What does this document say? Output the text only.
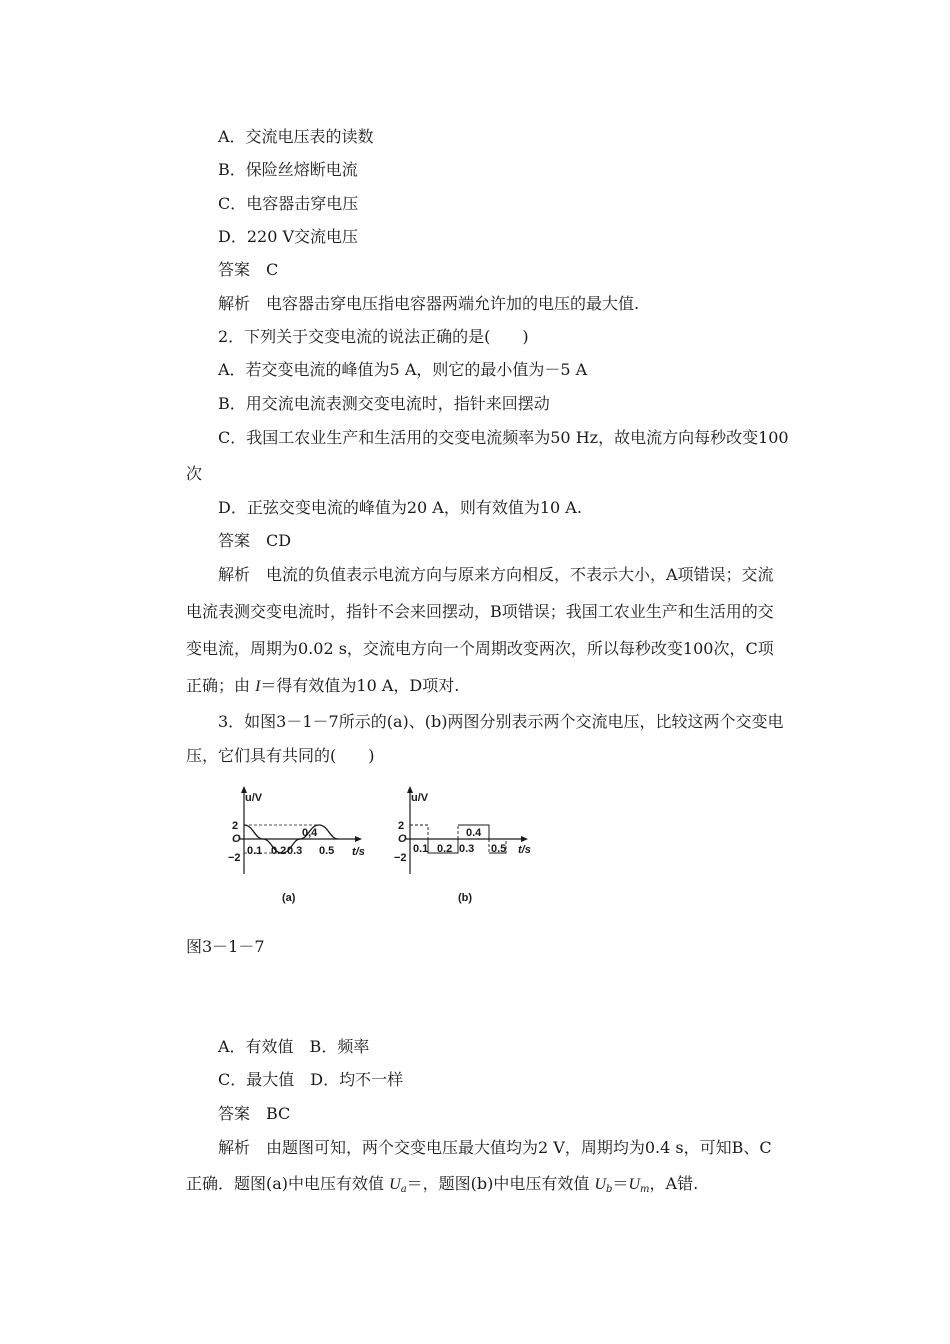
A．交流电压表的读数
B．保险丝熔断电流
C．电容器击穿电压
D．220 V交流电压
答案　C
解析　电容器击穿电压指电容器两端允许加的电压的最大值.
2．下列关于交变电流的说法正确的是(　　)
A．若交变电流的峰值为5 A，则它的最小值为－5 A
B．用交流电流表测交变电流时，指针来回摆动
C．我国工农业生产和生活用的交变电流频率为50 Hz，故电流方向每秒改变100
次
D．正弦交变电流的峰值为20 A，则有效值为10 A.
答案　CD
解析　电流的负值表示电流方向与原来方向相反，不表示大小，A项错误；交流
电流表测交变电流时，指针不会来回摆动，B项错误；我国工农业生产和生活用的交
变电流，周期为0.02 s，交流电方向一个周期改变两次，所以每秒改变100次，C项
正确；由 I＝得有效值为10 A，D项对.
3．如图3－1－7所示的(a)、(b)两图分别表示两个交流电压，比较这两个交变电
压，它们具有共同的(　　)
u/V
2
O
−2
0.1 0.2 0.3
0,4
0.5 t/s
(a)
u/V
2
O
−2
0.1 0.2 0.3
0.4
0.5 t/s
(b)
图3－1－7
A．有效值　B．频率
C．最大值　D．均不一样
答案　BC
解析　由题图可知，两个交变电压最大值均为2 V，周期均为0.4 s，可知B、C
正确．题图(a)中电压有效值 $U_a=$，题图(b)中电压有效值 $U_b=U_m$，A错.
